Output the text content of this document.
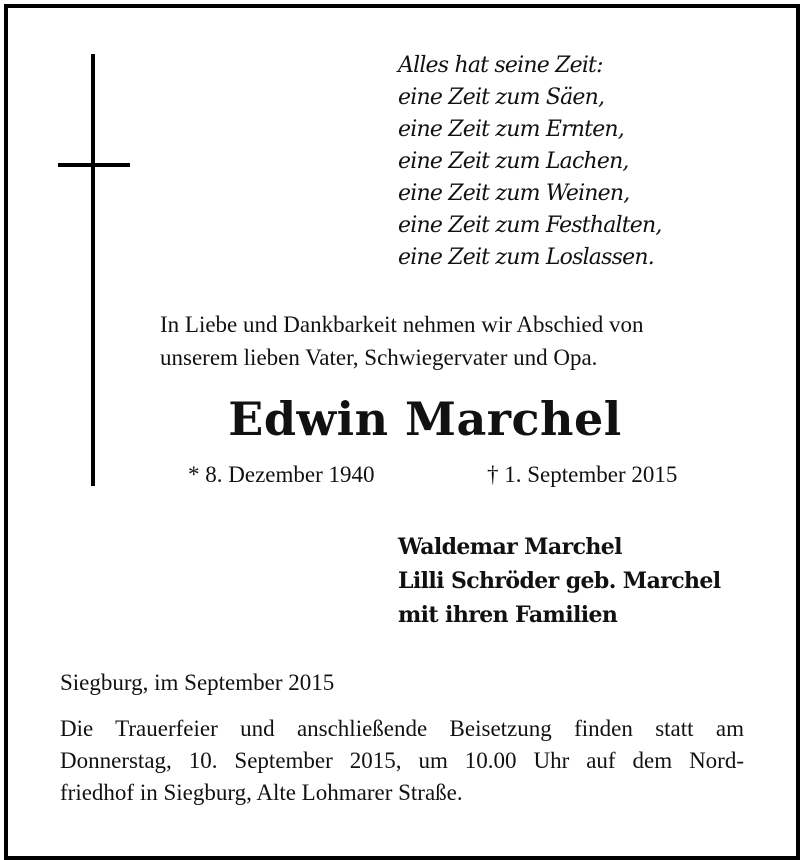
Alles hat seine Zeit:
eine Zeit zum Säen,
eine Zeit zum Ernten,
eine Zeit zum Lachen,
eine Zeit zum Weinen,
eine Zeit zum Festhalten,
eine Zeit zum Loslassen.
In Liebe und Dankbarkeit nehmen wir Abschied von
unserem lieben Vater, Schwiegervater und Opa.
Edwin Marchel
* 8. Dezember 1940	† 1. September 2015
Waldemar Marchel
Lilli Schröder geb. Marchel
mit ihren Familien
Siegburg, im September 2015
Die Trauerfeier und anschließende Beisetzung finden statt am
Donnerstag, 10. September 2015, um 10.00 Uhr auf dem Nord-
friedhof in Siegburg, Alte Lohmarer Straße.
